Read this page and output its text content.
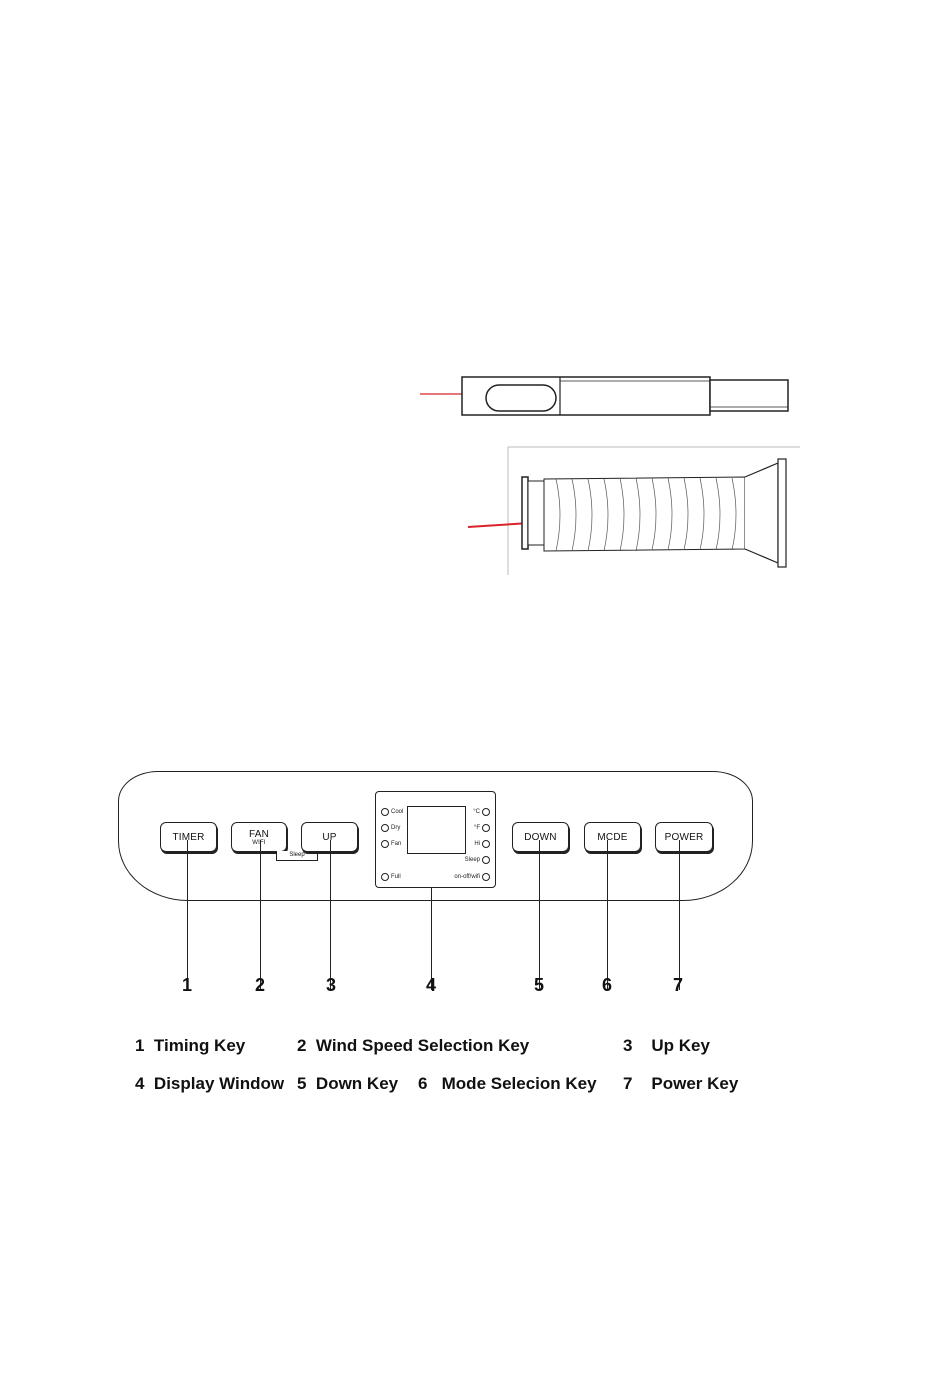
TIMER	FAN
WIFI
Sleep
UP
Cool
Dry
Fan
Full
°C
°F
Hi
Sleep
on-off/wifi
DOWN	MCDE	POWER
1	2	3	4	5	6	7
1 Timing Key	2 Wind Speed Selection Key	3 Up Key
4 Display Window 5 Down Key 6 Mode Selecion Key 7 Power Key
